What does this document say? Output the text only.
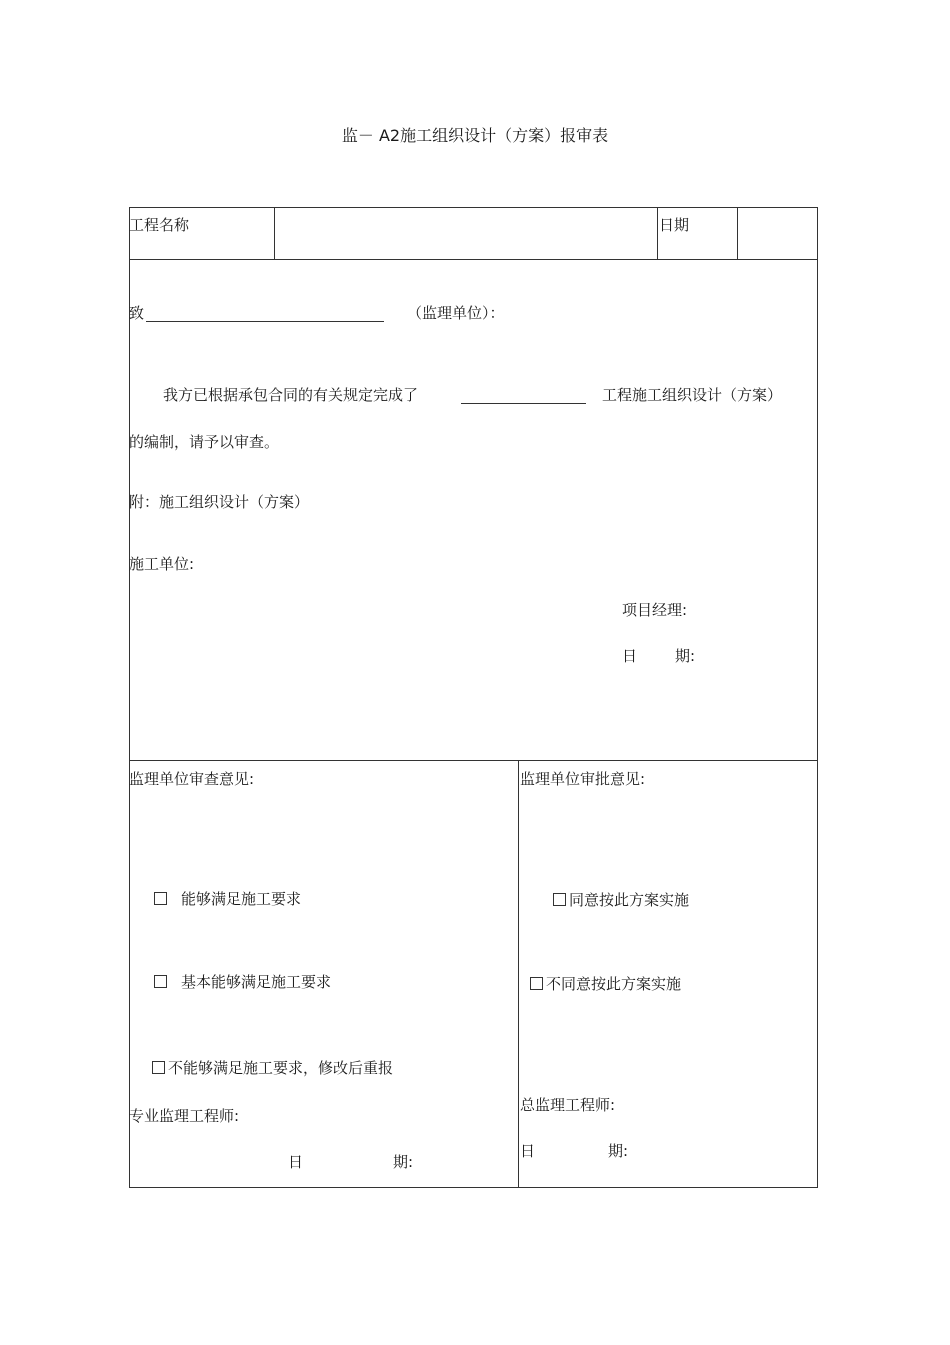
监－ A2施工组织设计（方案）报审表
工程名称	日期
致	（监理单位）：
我方已根据承包合同的有关规定完成了	工程施工组织设计（方案）
的编制，请予以审查。
附：施工组织设计（方案）
施工单位:
项目经理:
日	期:
监理单位审查意见:
能够满足施工要求
基本能够满足施工要求
不能够满足施工要求，修改后重报
专业监理工程师:
日	期:
监理单位审批意见:
同意按此方案实施
不同意按此方案实施
总监理工程师:
日	期:
